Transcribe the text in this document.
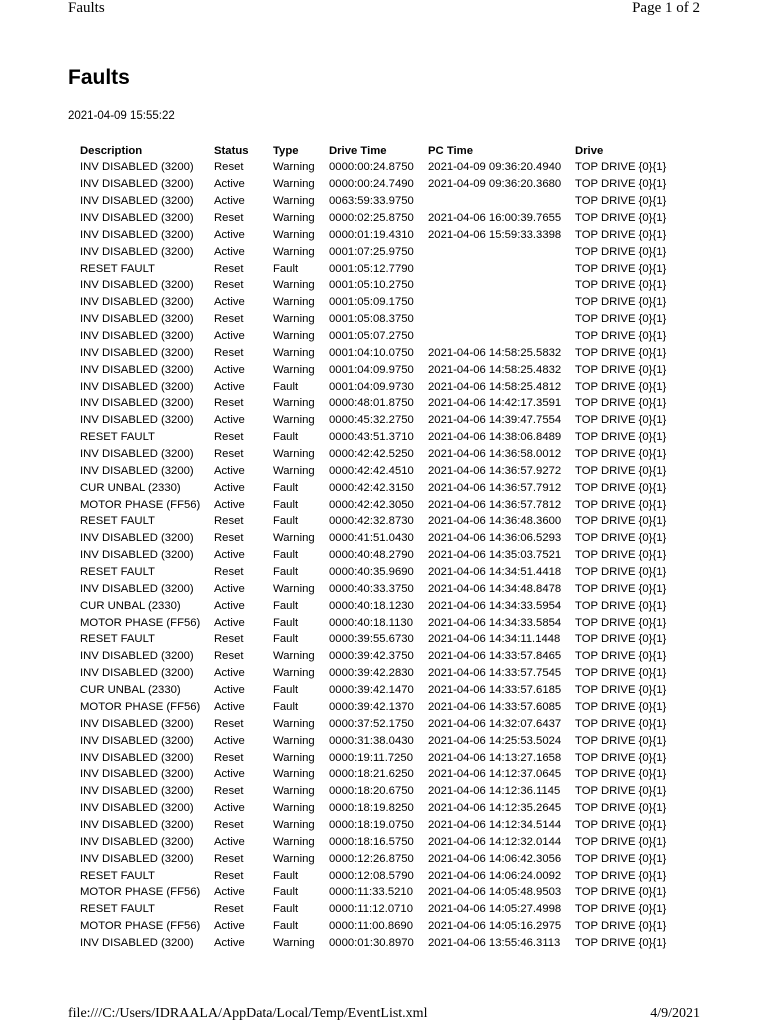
Faults	Page 1 of 2
Faults
2021-04-09 15:55:22
Description	Status	Type	Drive Time	PC Time	Drive
INV DISABLED (3200)	Reset	Warning	0000:00:24.8750	2021-04-09 09:36:20.4940	TOP DRIVE {0}{1}
INV DISABLED (3200)	Active	Warning	0000:00:24.7490	2021-04-09 09:36:20.3680	TOP DRIVE {0}{1}
INV DISABLED (3200)	Active	Warning	0063:59:33.9750		TOP DRIVE {0}{1}
INV DISABLED (3200)	Reset	Warning	0000:02:25.8750	2021-04-06 16:00:39.7655	TOP DRIVE {0}{1}
INV DISABLED (3200)	Active	Warning	0000:01:19.4310	2021-04-06 15:59:33.3398	TOP DRIVE {0}{1}
INV DISABLED (3200)	Active	Warning	0001:07:25.9750		TOP DRIVE {0}{1}
RESET FAULT	Reset	Fault	0001:05:12.7790		TOP DRIVE {0}{1}
INV DISABLED (3200)	Reset	Warning	0001:05:10.2750		TOP DRIVE {0}{1}
INV DISABLED (3200)	Active	Warning	0001:05:09.1750		TOP DRIVE {0}{1}
INV DISABLED (3200)	Reset	Warning	0001:05:08.3750		TOP DRIVE {0}{1}
INV DISABLED (3200)	Active	Warning	0001:05:07.2750		TOP DRIVE {0}{1}
INV DISABLED (3200)	Reset	Warning	0001:04:10.0750	2021-04-06 14:58:25.5832	TOP DRIVE {0}{1}
INV DISABLED (3200)	Active	Warning	0001:04:09.9750	2021-04-06 14:58:25.4832	TOP DRIVE {0}{1}
INV DISABLED (3200)	Active	Fault	0001:04:09.9730	2021-04-06 14:58:25.4812	TOP DRIVE {0}{1}
INV DISABLED (3200)	Reset	Warning	0000:48:01.8750	2021-04-06 14:42:17.3591	TOP DRIVE {0}{1}
INV DISABLED (3200)	Active	Warning	0000:45:32.2750	2021-04-06 14:39:47.7554	TOP DRIVE {0}{1}
RESET FAULT	Reset	Fault	0000:43:51.3710	2021-04-06 14:38:06.8489	TOP DRIVE {0}{1}
INV DISABLED (3200)	Reset	Warning	0000:42:42.5250	2021-04-06 14:36:58.0012	TOP DRIVE {0}{1}
INV DISABLED (3200)	Active	Warning	0000:42:42.4510	2021-04-06 14:36:57.9272	TOP DRIVE {0}{1}
CUR UNBAL (2330)	Active	Fault	0000:42:42.3150	2021-04-06 14:36:57.7912	TOP DRIVE {0}{1}
MOTOR PHASE (FF56)	Active	Fault	0000:42:42.3050	2021-04-06 14:36:57.7812	TOP DRIVE {0}{1}
RESET FAULT	Reset	Fault	0000:42:32.8730	2021-04-06 14:36:48.3600	TOP DRIVE {0}{1}
INV DISABLED (3200)	Reset	Warning	0000:41:51.0430	2021-04-06 14:36:06.5293	TOP DRIVE {0}{1}
INV DISABLED (3200)	Active	Fault	0000:40:48.2790	2021-04-06 14:35:03.7521	TOP DRIVE {0}{1}
RESET FAULT	Reset	Fault	0000:40:35.9690	2021-04-06 14:34:51.4418	TOP DRIVE {0}{1}
INV DISABLED (3200)	Active	Warning	0000:40:33.3750	2021-04-06 14:34:48.8478	TOP DRIVE {0}{1}
CUR UNBAL (2330)	Active	Fault	0000:40:18.1230	2021-04-06 14:34:33.5954	TOP DRIVE {0}{1}
MOTOR PHASE (FF56)	Active	Fault	0000:40:18.1130	2021-04-06 14:34:33.5854	TOP DRIVE {0}{1}
RESET FAULT	Reset	Fault	0000:39:55.6730	2021-04-06 14:34:11.1448	TOP DRIVE {0}{1}
INV DISABLED (3200)	Reset	Warning	0000:39:42.3750	2021-04-06 14:33:57.8465	TOP DRIVE {0}{1}
INV DISABLED (3200)	Active	Warning	0000:39:42.2830	2021-04-06 14:33:57.7545	TOP DRIVE {0}{1}
CUR UNBAL (2330)	Active	Fault	0000:39:42.1470	2021-04-06 14:33:57.6185	TOP DRIVE {0}{1}
MOTOR PHASE (FF56)	Active	Fault	0000:39:42.1370	2021-04-06 14:33:57.6085	TOP DRIVE {0}{1}
INV DISABLED (3200)	Reset	Warning	0000:37:52.1750	2021-04-06 14:32:07.6437	TOP DRIVE {0}{1}
INV DISABLED (3200)	Active	Warning	0000:31:38.0430	2021-04-06 14:25:53.5024	TOP DRIVE {0}{1}
INV DISABLED (3200)	Reset	Warning	0000:19:11.7250	2021-04-06 14:13:27.1658	TOP DRIVE {0}{1}
INV DISABLED (3200)	Active	Warning	0000:18:21.6250	2021-04-06 14:12:37.0645	TOP DRIVE {0}{1}
INV DISABLED (3200)	Reset	Warning	0000:18:20.6750	2021-04-06 14:12:36.1145	TOP DRIVE {0}{1}
INV DISABLED (3200)	Active	Warning	0000:18:19.8250	2021-04-06 14:12:35.2645	TOP DRIVE {0}{1}
INV DISABLED (3200)	Reset	Warning	0000:18:19.0750	2021-04-06 14:12:34.5144	TOP DRIVE {0}{1}
INV DISABLED (3200)	Active	Warning	0000:18:16.5750	2021-04-06 14:12:32.0144	TOP DRIVE {0}{1}
INV DISABLED (3200)	Reset	Warning	0000:12:26.8750	2021-04-06 14:06:42.3056	TOP DRIVE {0}{1}
RESET FAULT	Reset	Fault	0000:12:08.5790	2021-04-06 14:06:24.0092	TOP DRIVE {0}{1}
MOTOR PHASE (FF56)	Active	Fault	0000:11:33.5210	2021-04-06 14:05:48.9503	TOP DRIVE {0}{1}
RESET FAULT	Reset	Fault	0000:11:12.0710	2021-04-06 14:05:27.4998	TOP DRIVE {0}{1}
MOTOR PHASE (FF56)	Active	Fault	0000:11:00.8690	2021-04-06 14:05:16.2975	TOP DRIVE {0}{1}
INV DISABLED (3200)	Active	Warning	0000:01:30.8970	2021-04-06 13:55:46.3113	TOP DRIVE {0}{1}
file:///C:/Users/IDRAALA/AppData/Local/Temp/EventList.xml	4/9/2021
